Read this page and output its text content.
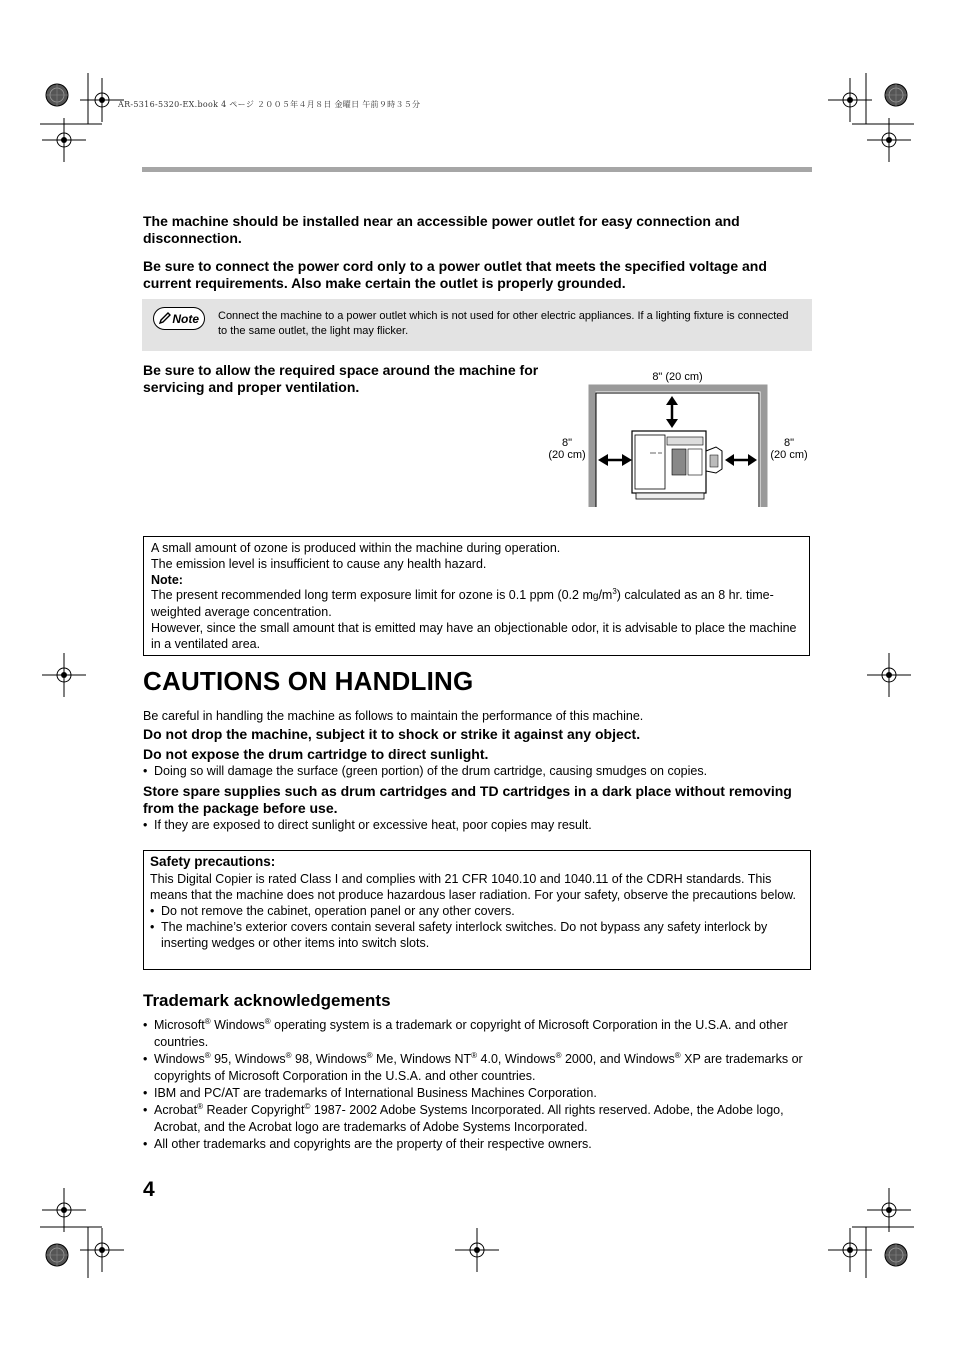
AR-5316-5320-EX.book 4 ページ ２００５年４月８日 金曜日 午前９時３５分
The machine should be installed near an accessible power outlet for easy connection and disconnection.
Be sure to connect the power cord only to a power outlet that meets the specified voltage and current requirements. Also make certain the outlet is properly grounded.
Note	Connect the machine to a power outlet which is not used for other electric appliances. If a lighting fixture is connected to the same outlet, the light may flicker.
Be sure to allow the required space around the machine for servicing and proper ventilation.
8" (20 cm)
8"
(20 cm)
8"
(20 cm)
A small amount of ozone is produced within the machine during operation.
The emission level is insufficient to cause any health hazard.
Note:
The present recommended long term exposure limit for ozone is 0.1 ppm (0.2 $mg/m^3$) calculated as an 8 hr. time-weighted average concentration.
However, since the small amount that is emitted may have an objectionable odor, it is advisable to place the machine in a ventilated area.
CAUTIONS ON HANDLING
Be careful in handling the machine as follows to maintain the performance of this machine.
Do not drop the machine, subject it to shock or strike it against any object.
Do not expose the drum cartridge to direct sunlight.
• Doing so will damage the surface (green portion) of the drum cartridge, causing smudges on copies.
Store spare supplies such as drum cartridges and TD cartridges in a dark place without removing from the package before use.
• If they are exposed to direct sunlight or excessive heat, poor copies may result.
Safety precautions:
This Digital Copier is rated Class I and complies with 21 CFR 1040.10 and 1040.11 of the CDRH standards. This means that the machine does not produce hazardous laser radiation. For your safety, observe the precautions below.
• Do not remove the cabinet, operation panel or any other covers.
• The machine’s exterior covers contain several safety interlock switches. Do not bypass any safety interlock by inserting wedges or other items into switch slots.
Trademark acknowledgements
• Microsoft® Windows® operating system is a trademark or copyright of Microsoft Corporation in the U.S.A. and other countries.
• Windows® 95, Windows® 98, Windows® Me, Windows NT® 4.0, Windows® 2000, and Windows® XP are trademarks or copyrights of Microsoft Corporation in the U.S.A. and other countries.
• IBM and PC/AT are trademarks of International Business Machines Corporation.
• Acrobat® Reader Copyright© 1987- 2002 Adobe Systems Incorporated. All rights reserved. Adobe, the Adobe logo, Acrobat, and the Acrobat logo are trademarks of Adobe Systems Incorporated.
• All other trademarks and copyrights are the property of their respective owners.
4
